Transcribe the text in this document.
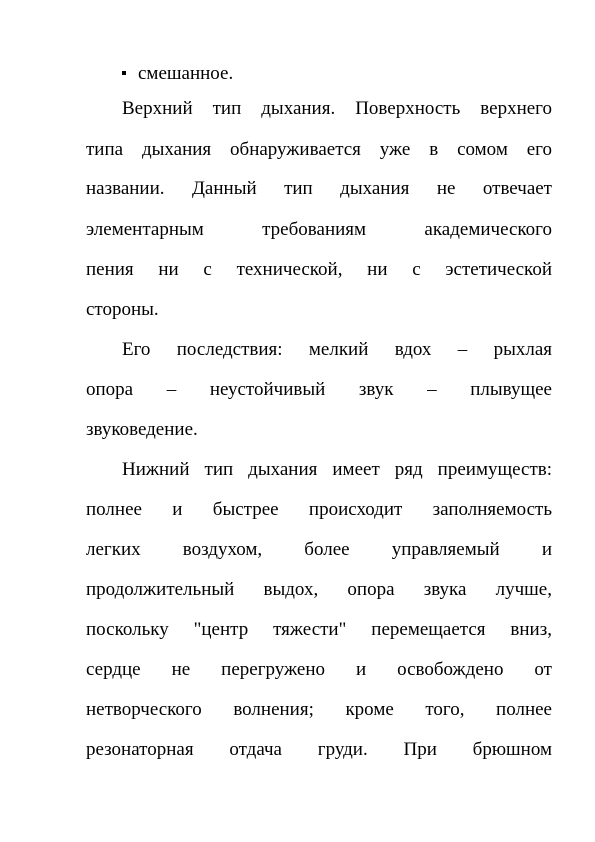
смешанное.
Верхний тип дыхания. Поверхность верхнего
типа дыхания обнаруживается уже в сомом его
названии. Данный тип дыхания не отвечает
элементарным требованиям академического
пения ни с технической, ни с эстетической
стороны.
Его последствия: мелкий вдох – рыхлая
опора – неустойчивый звук – плывущее
звуковедение.
Нижний тип дыхания имеет ряд преимуществ:
полнее и быстрее происходит заполняемость
легких воздухом, более управляемый и
продолжительный выдох, опора звука лучше,
поскольку "центр тяжести" перемещается вниз,
сердце не перегружено и освобождено от
нетворческого волнения; кроме того, полнее
резонаторная отдача груди. При брюшном
